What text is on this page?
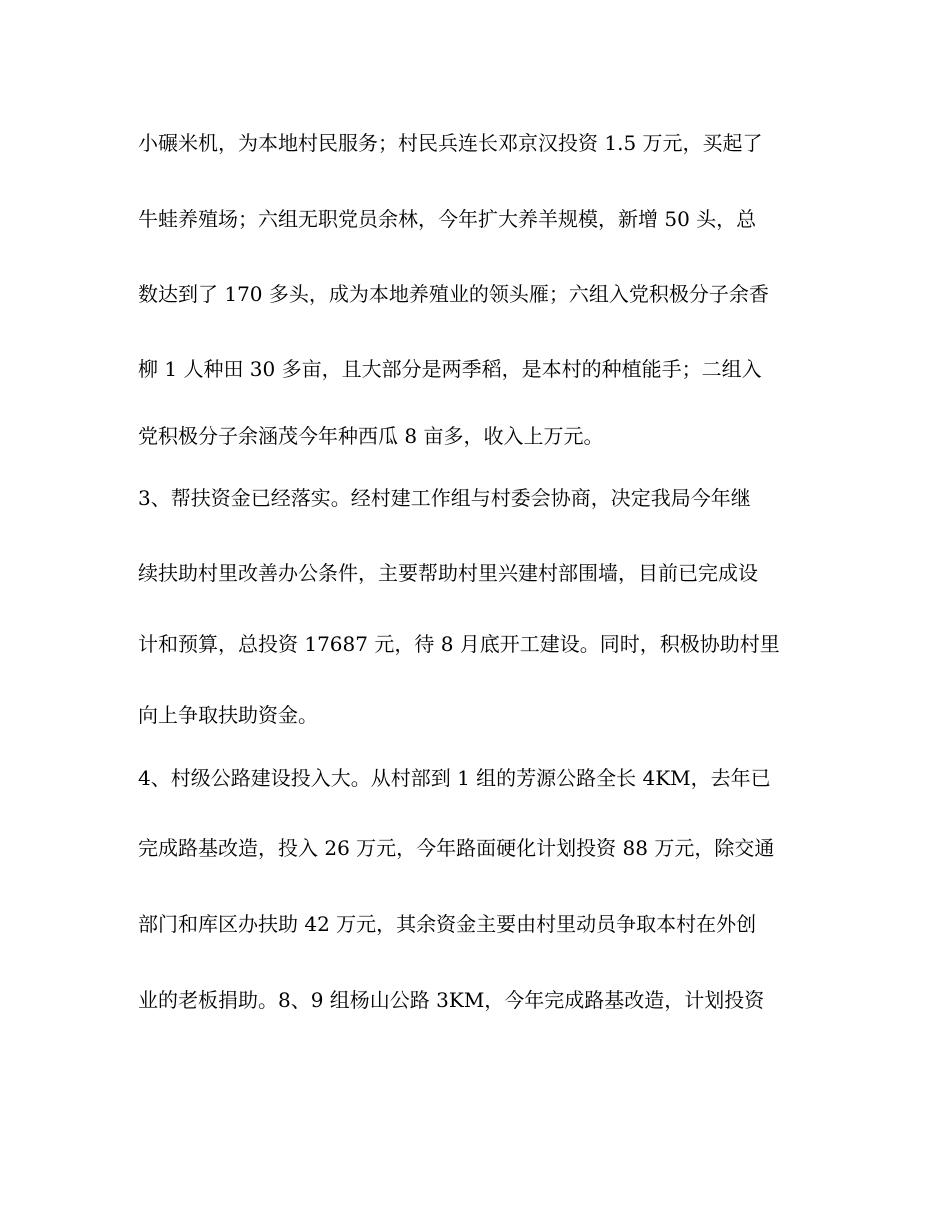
小碾米机，为本地村民服务；村民兵连长邓京汉投资 1.5 万元，买起了
牛蛙养殖场；六组无职党员余林，今年扩大养羊规模，新增 50 头，总
数达到了 170 多头，成为本地养殖业的领头雁；六组入党积极分子余香
柳 1 人种田 30 多亩，且大部分是两季稻，是本村的种植能手；二组入
党积极分子余涵茂今年种西瓜 8 亩多，收入上万元。
3、帮扶资金已经落实。经村建工作组与村委会协商，决定我局今年继
续扶助村里改善办公条件，主要帮助村里兴建村部围墙，目前已完成设
计和预算，总投资 17687 元，待 8 月底开工建设。同时，积极协助村里
向上争取扶助资金。
4、村级公路建设投入大。从村部到 1 组的芳源公路全长 4KM，去年已
完成路基改造，投入 26 万元，今年路面硬化计划投资 88 万元，除交通
部门和库区办扶助 42 万元，其余资金主要由村里动员争取本村在外创
业的老板捐助。8、9 组杨山公路 3KM，今年完成路基改造，计划投资
